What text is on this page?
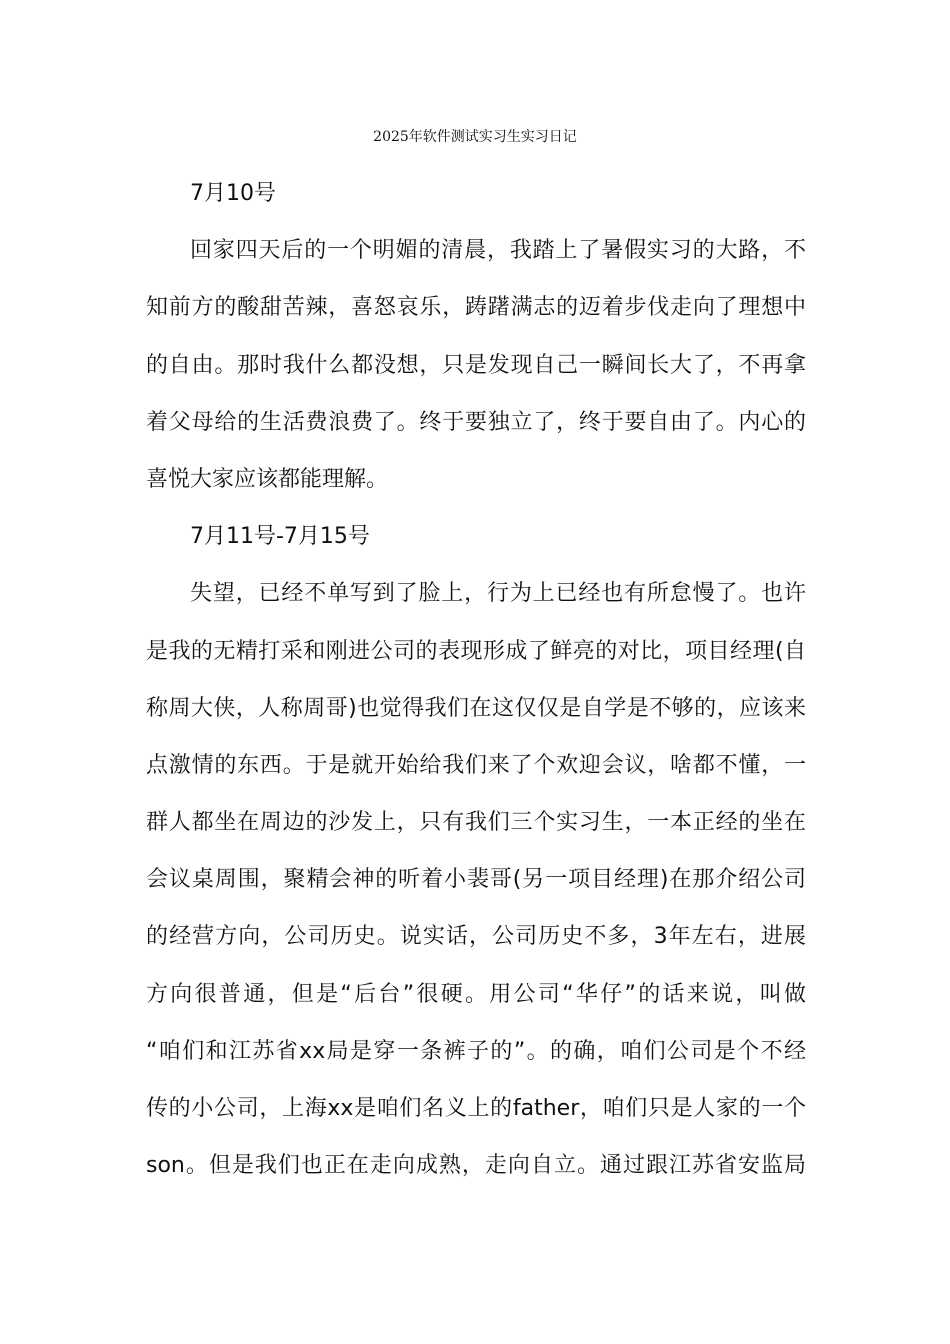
2025年软件测试实习生实习日记
7月10号
回家四天后的一个明媚的清晨，我踏上了暑假实习的大路，不
知前方的酸甜苦辣，喜怒哀乐，踌躇满志的迈着步伐走向了理想中
的自由。那时我什么都没想，只是发现自己一瞬间长大了，不再拿
着父母给的生活费浪费了。终于要独立了，终于要自由了。内心的
喜悦大家应该都能理解。
7月11号-7月15号
失望，已经不单写到了脸上，行为上已经也有所怠慢了。也许
是我的无精打采和刚进公司的表现形成了鲜亮的对比，项目经理(自
称周大侠，人称周哥)也觉得我们在这仅仅是自学是不够的，应该来
点激情的东西。于是就开始给我们来了个欢迎会议，啥都不懂，一
群人都坐在周边的沙发上，只有我们三个实习生，一本正经的坐在
会议桌周围，聚精会神的听着小裴哥(另一项目经理)在那介绍公司
的经营方向，公司历史。说实话，公司历史不多，3年左右，进展
方向很普通，但是“后台”很硬。用公司“华仔”的话来说，叫做
“咱们和江苏省xx局是穿一条裤子的”。的确，咱们公司是个不经
传的小公司，上海xx是咱们名义上的father，咱们只是人家的一个
son。但是我们也正在走向成熟，走向自立。通过跟江苏省安监局
